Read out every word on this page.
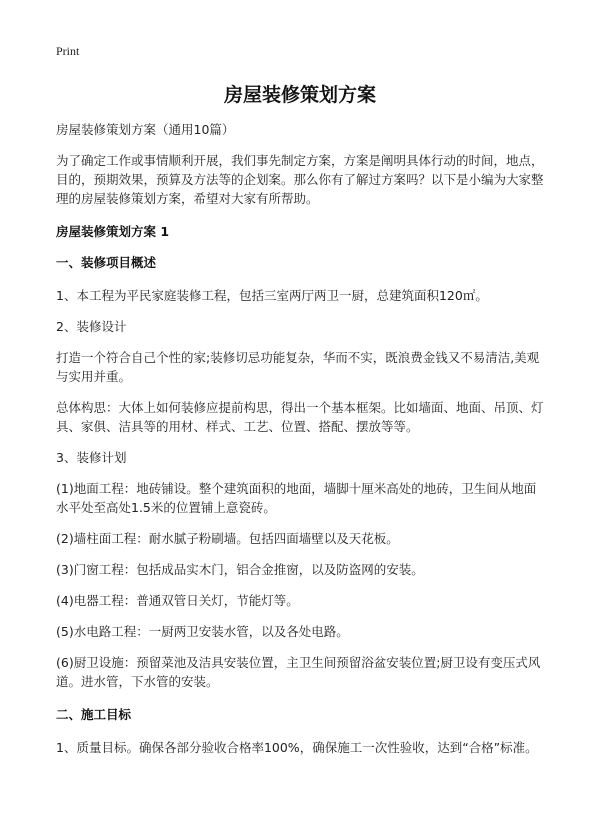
Print
房屋装修策划方案

房屋装修策划方案（通用10篇）

为了确定工作或事情顺利开展，我们事先制定方案，方案是阐明具体行动的时间，地点，目的，预期效果，预算及方法等的企划案。那么你有了解过方案吗？以下是小编为大家整理的房屋装修策划方案，希望对大家有所帮助。

房屋装修策划方案 1

一、装修项目概述

1、本工程为平民家庭装修工程，包括三室两厅两卫一厨，总建筑面积120㎡。

2、装修设计

打造一个符合自己个性的家;装修切忌功能复杂，华而不实，既浪费金钱又不易清洁,美观与实用并重。

总体构思：大体上如何装修应提前构思，得出一个基本框架。比如墙面、地面、吊顶、灯具、家俱、洁具等的用材、样式、工艺、位置、搭配、摆放等等。

3、装修计划

(1)地面工程：地砖铺设。整个建筑面积的地面，墙脚十厘米高处的地砖，卫生间从地面水平处至高处1.5米的位置铺上意瓷砖。

(2)墙柱面工程：耐水腻子粉刷墙。包括四面墙壁以及天花板。

(3)门窗工程：包括成品实木门，铝合金推窗，以及防盗网的安装。

(4)电器工程：普通双管日关灯，节能灯等。

(5)水电路工程：一厨两卫安装水管，以及各处电路。

(6)厨卫设施：预留菜池及洁具安装位置，主卫生间预留浴盆安装位置;厨卫设有变压式风道。进水管，下水管的安装。

二、施工目标

1、质量目标。确保各部分验收合格率100%，确保施工一次性验收，达到“合格”标准。
